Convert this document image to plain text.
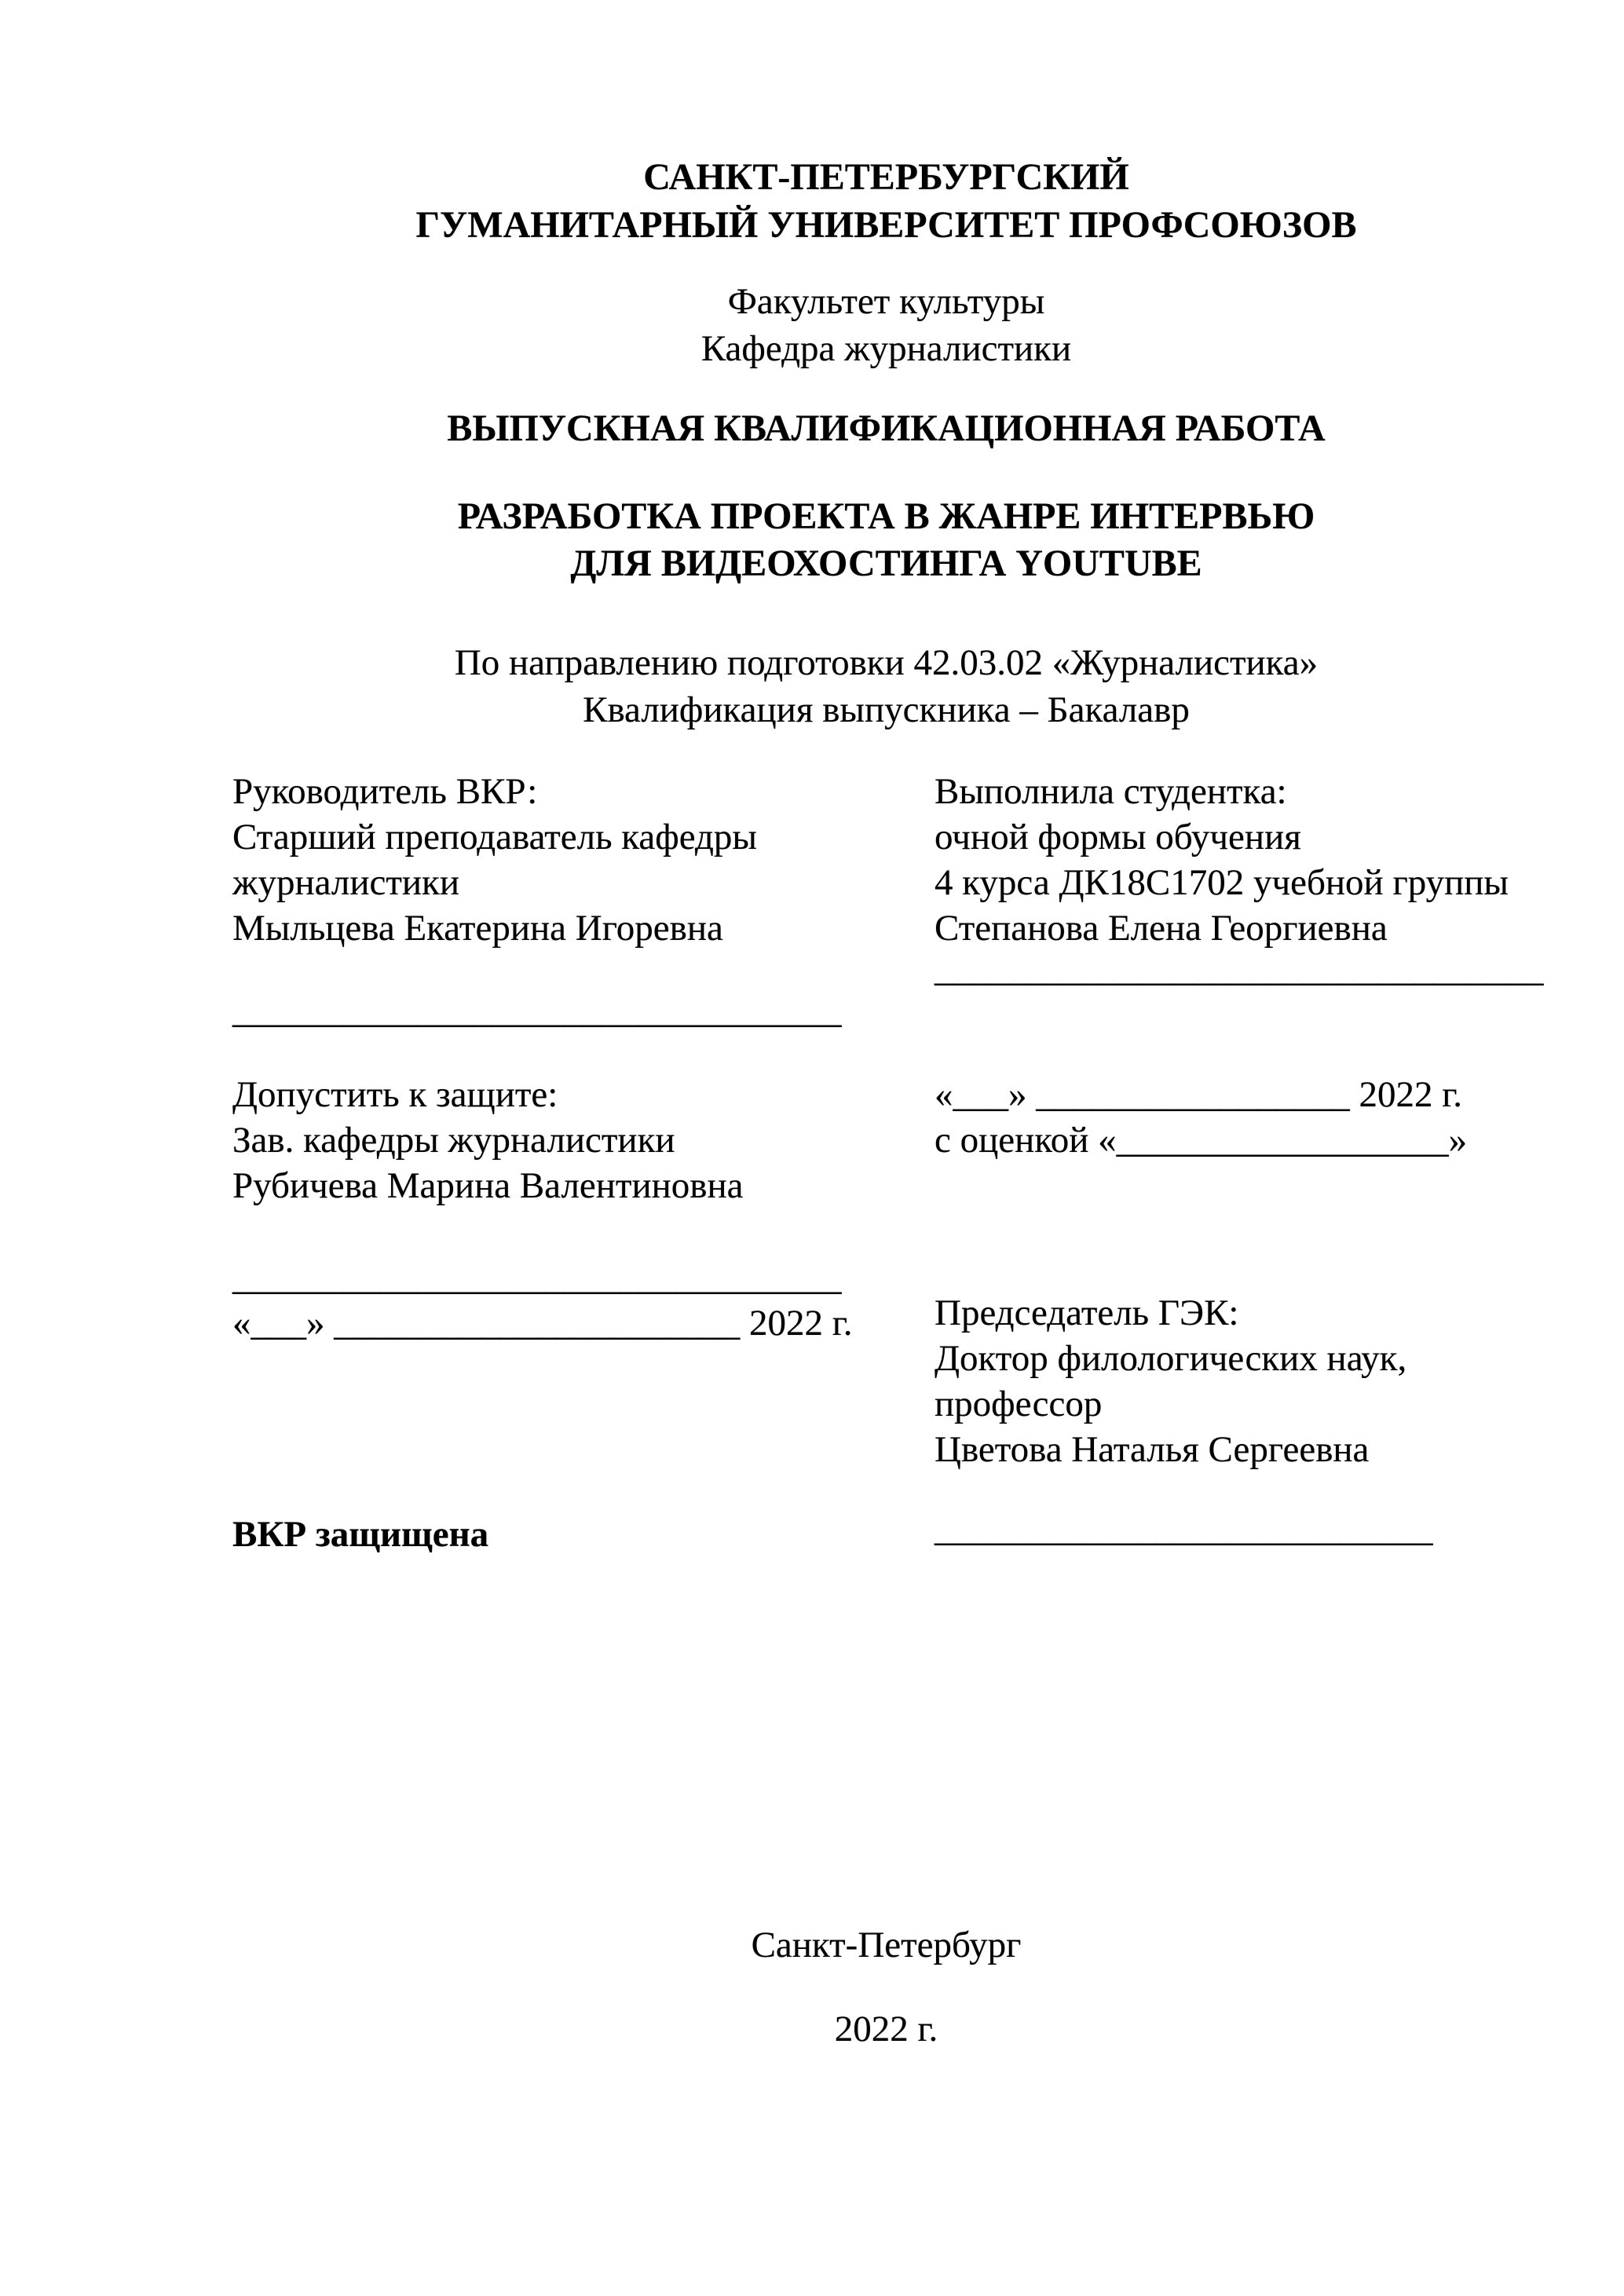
САНКТ-ПЕТЕРБУРГСКИЙ
ГУМАНИТАРНЫЙ УНИВЕРСИТЕТ ПРОФСОЮЗОВ
Факультет культуры
Кафедра журналистики
ВЫПУСКНАЯ КВАЛИФИКАЦИОННАЯ РАБОТА
РАЗРАБОТКА ПРОЕКТА В ЖАНРЕ ИНТЕРВЬЮ
ДЛЯ ВИДЕОХОСТИНГА YOUTUBE
По направлению подготовки 42.03.02 «Журналистика»
Квалификация выпускника – Бакалавр
Руководитель ВКР:
Старший преподаватель кафедры
журналистики
Мыльцева Екатерина Игоревна
_________________________________
Выполнила студентка:
очной формы обучения
4 курса ДК18С1702 учебной группы
Степанова Елена Георгиевна
_________________________________
Допустить к защите:
Зав. кафедры журналистики
Рубичева Марина Валентиновна
_________________________________
«___» ______________________ 2022 г.
«___» _________________ 2022 г.
с оценкой «__________________»
Председатель ГЭК:
Доктор филологических наук,
профессор
Цветова Наталья Сергеевна
___________________________
ВКР защищена
Санкт-Петербург
2022 г.
